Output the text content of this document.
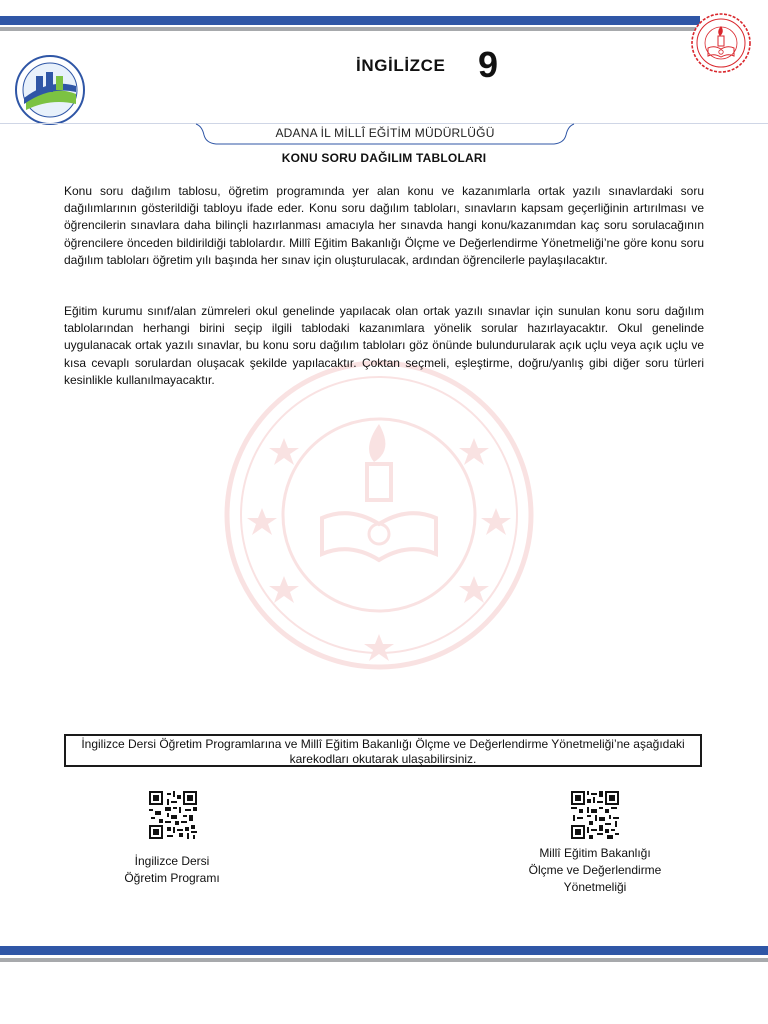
İNGİLİZCE 9
ADANA İL MİLLÎ EĞİTİM MÜDÜRLÜĞÜ
KONU SORU DAĞILIM TABLOLARI

Konu soru dağılım tablosu, öğretim programında yer alan konu ve kazanımlarla ortak yazılı sınavlardaki soru dağılımlarının gösterildiği tabloyu ifade eder. Konu soru dağılım tabloları, sınavların kapsam geçerliğinin artırılması ve öğrencilerin sınavlara daha bilinçli hazırlanması amacıyla her sınavda hangi konu/kazanımdan kaç soru sorulacağının öğrencilere önceden bildirildiği tablolardır. Millî Eğitim Bakanlığı Ölçme ve Değerlendirme Yönetmeliği’ne göre konu soru dağılım tabloları öğretim yılı başında her sınav için oluşturulacak, ardından öğrencilerle paylaşılacaktır.

Eğitim kurumu sınıf/alan zümreleri okul genelinde yapılacak olan ortak yazılı sınavlar için sunulan konu soru dağılım tablolarından herhangi birini seçip ilgili tablodaki kazanımlara yönelik sorular hazırlayacaktır. Okul genelinde uygulanacak ortak yazılı sınavlar, bu konu soru dağılım tabloları göz önünde bulundurularak açık uçlu veya açık uçlu ve kısa cevaplı sorulardan oluşacak şekilde yapılacaktır. Çoktan seçmeli, eşleştirme, doğru/yanlış gibi diğer soru türleri kesinlikle kullanılmayacaktır.

İngilizce Dersi Öğretim Programlarına ve Millî Eğitim Bakanlığı Ölçme ve Değerlendirme Yönetmeliği’ne aşağıdaki karekodları okutarak ulaşabilirsiniz.
İngilizce Dersi
Öğretim Programı
Millî Eğitim Bakanlığı
Ölçme ve Değerlendirme
Yönetmeliği
